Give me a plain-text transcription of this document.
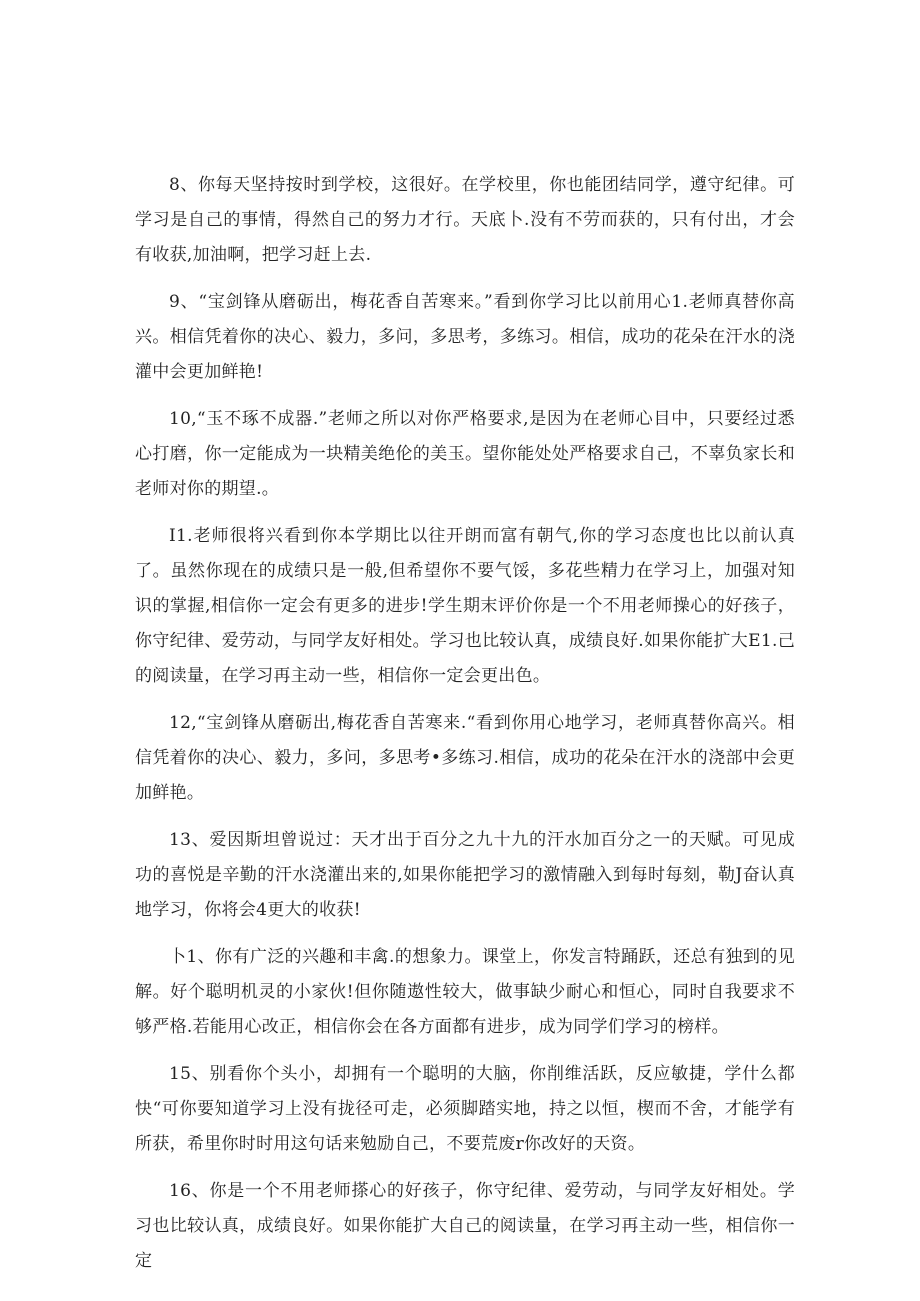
8、你每天坚持按时到学校，这很好。在学校里，你也能团结同学，遵守纪律。可学习是自己的事情，得然自己的努力才行。天底卜.没有不劳而获的，只有付出，才会有收获,加油啊，把学习赶上去.

9、“宝剑锋从磨砺出，梅花香自苦寒来。”看到你学习比以前用心1.老师真替你高兴。相信凭着你的决心、毅力，多问，多思考，多练习。相信，成功的花朵在汗水的浇灌中会更加鲜艳!

10,“玉不琢不成器.”老师之所以对你严格要求,是因为在老师心目中，只要经过悉心打磨，你一定能成为一块精美绝伦的美玉。望你能处处严格要求自己，不辜负家长和老师对你的期望.。

I1.老师很将兴看到你本学期比以往开朗而富有朝气,你的学习态度也比以前认真了。虽然你现在的成绩只是一般,但希望你不要气馁，多花些精力在学习上，加强对知识的掌握,相信你一定会有更多的进步!学生期末评价你是一个不用老师操心的好孩子，你守纪律、爱劳动，与同学友好相处。学习也比较认真，成绩良好.如果你能扩大E1.己的阅读量，在学习再主动一些，相信你一定会更出色。

12,“宝剑锋从磨砺出,梅花香自苦寒来.“看到你用心地学习，老师真替你高兴。相信凭着你的决心、毅力，多问，多思考•多练习.相信，成功的花朵在汗水的浇部中会更加鲜艳。

13、爱因斯坦曾说过：天才出于百分之九十九的汗水加百分之一的天赋。可见成功的喜悦是辛勤的汗水浇灌出来的,如果你能把学习的激情融入到每时每刻，勒J奋认真地学习，你将会4更大的收获!

卜1、你有广泛的兴趣和丰禽.的想象力。课堂上，你发言特踊跃，还总有独到的见解。好个聪明机灵的小家伙!但你随遨性较大，做事缺少耐心和恒心，同时自我要求不够严格.若能用心改正，相信你会在各方面都有进步，成为同学们学习的榜样。

15、别看你个头小，却拥有一个聪明的大脑，你削维活跃，反应敏捷，学什么都快“可你要知道学习上没有拢径可走，必须脚踏实地，持之以恒，楔而不舍，才能学有所获，希里你时时用这句话来勉励自己，不要荒废r你改好的天资。

16、你是一个不用老师搽心的好孩子，你守纪律、爱劳动，与同学友好相处。学习也比较认真，成绩良好。如果你能扩大自己的阅读量，在学习再主动一些，相信你一定
